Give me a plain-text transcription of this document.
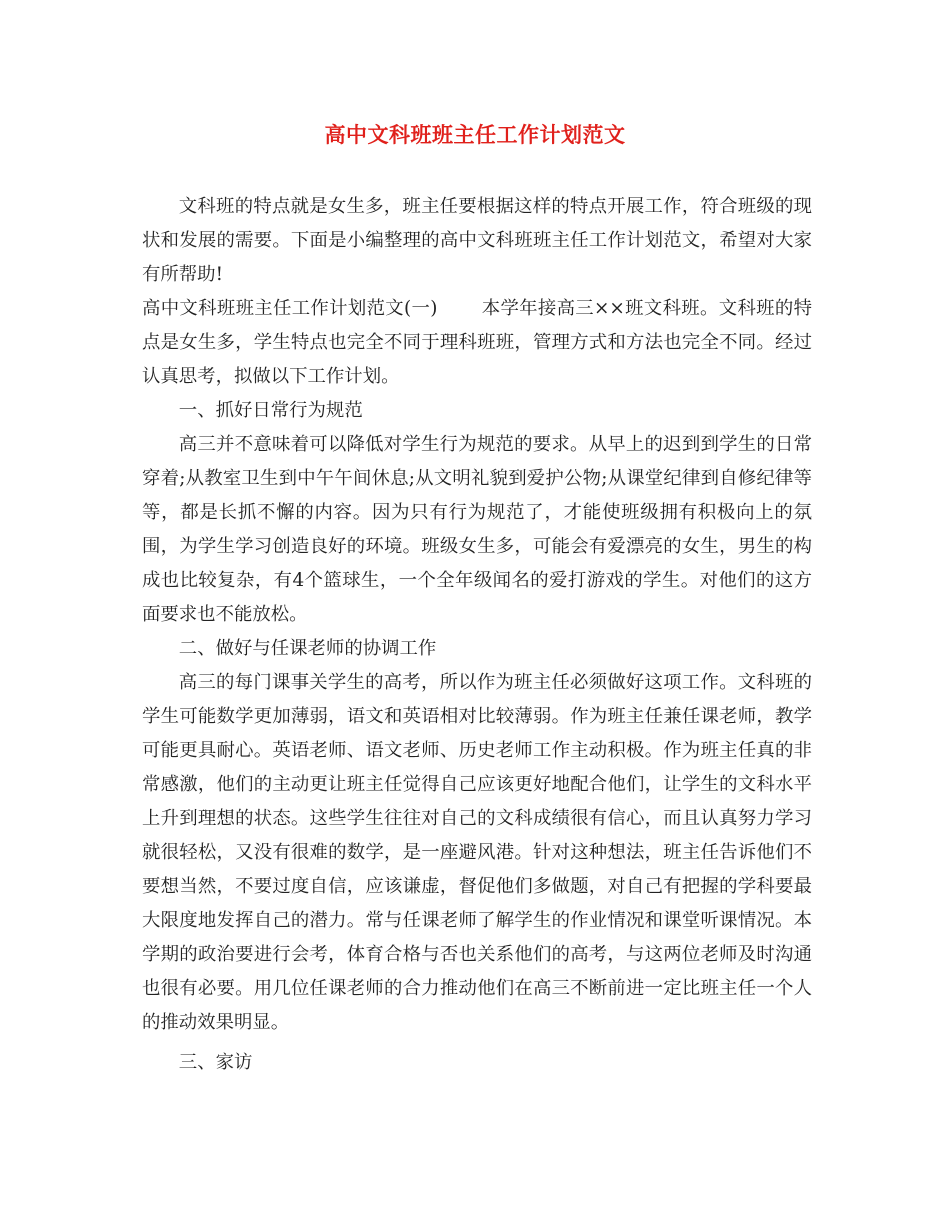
高中文科班班主任工作计划范文

文科班的特点就是女生多，班主任要根据这样的特点开展工作，符合班级的现状和发展的需要。下面是小编整理的高中文科班班主任工作计划范文，希望对大家有所帮助!

高中文科班班主任工作计划范文(一) 本学年接高三××班文科班。文科班的特点是女生多，学生特点也完全不同于理科班班，管理方式和方法也完全不同。经过认真思考，拟做以下工作计划。

一、抓好日常行为规范

高三并不意味着可以降低对学生行为规范的要求。从早上的迟到到学生的日常穿着;从教室卫生到中午午间休息;从文明礼貌到爱护公物;从课堂纪律到自修纪律等等，都是长抓不懈的内容。因为只有行为规范了，才能使班级拥有积极向上的氛围，为学生学习创造良好的环境。班级女生多，可能会有爱漂亮的女生，男生的构成也比较复杂，有4个篮球生，一个全年级闻名的爱打游戏的学生。对他们的这方面要求也不能放松。

二、做好与任课老师的协调工作

高三的每门课事关学生的高考，所以作为班主任必须做好这项工作。文科班的学生可能数学更加薄弱，语文和英语相对比较薄弱。作为班主任兼任课老师，教学可能更具耐心。英语老师、语文老师、历史老师工作主动积极。作为班主任真的非常感激，他们的主动更让班主任觉得自己应该更好地配合他们，让学生的文科水平上升到理想的状态。这些学生往往对自己的文科成绩很有信心，而且认真努力学习就很轻松，又没有很难的数学，是一座避风港。针对这种想法，班主任告诉他们不要想当然，不要过度自信，应该谦虚，督促他们多做题，对自己有把握的学科要最大限度地发挥自己的潜力。常与任课老师了解学生的作业情况和课堂听课情况。本学期的政治要进行会考，体育合格与否也关系他们的高考，与这两位老师及时沟通也很有必要。用几位任课老师的合力推动他们在高三不断前进一定比班主任一个人的推动效果明显。

三、家访
